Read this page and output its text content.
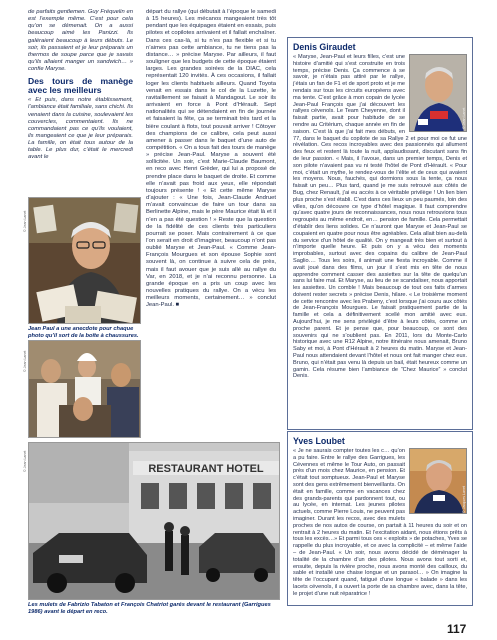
de parfaits gentlemen. Guy Fréquelin en est l’exemple même. C’est pour cela qu’on se démenait. On a aussi beaucoup aimé les Panizzi. Ils galéraient beaucoup à leurs débuts. Le soir, ils passaient et je leur préparais un thermos de soupe parce que je savais qu’ils allaient manger un sandwich… » confie Maryse.

Des tours de manège avec les meilleurs

« Et puis, dans notre établissement, l’ambiance était familiale, sans chichi. Ils venaient dans la cuisine, soulevaient les couvercles, commentaient. Ils ne commandaient pas ce qu’ils voulaient, ils mangeaient ce que je leur préparais. La famille, on était tous autour de la table. Le plus dur, c’était le mercredi avant le

départ du rallye (qui débutait à l’époque le samedi à 15 heures). Les mécanos mangeaient très tôt pendant que les équipages étaient en essais, puis pilotes et copilotes arrivaient et il fallait enchaîner. Dans ces cas-là, si tu n’es pas flexible et si tu n’aimes pas cette ambiance, tu ne tiens pas la distance… » précise Maryse. Par ailleurs, il faut souligner que les budgets de cette époque étaient larges. Les grandes soirées de la DIAC, cela représentait 120 invités. À ces occasions, il fallait loger les clients habituels ailleurs. Quand Toyota venait en essais dans le col de la Luzette, le ravitaillement se faisait à Mandagout. Le soir ils arrivaient en force à Pont d’Hérault. Sept nationalités qui se détendaient en fin de journée et faisaient la fête, ça se terminait très tard et la bière coulant à flots, tout pouvait arriver ! Côtoyer des champions de ce calibre, cela peut aussi amener à passer dans le baquet d’une auto de compétition. « On a tous fait des tours de manège » précise Jean-Paul. Maryse a souvent été sollicitée. Un soir, c’est Marie-Claude Baumont, en reco avec Henri Grèder, qui lui a proposé de prendre place dans le baquet de droite. Et comme elle n’avait pas froid aux yeux, elle répondait toujours présente ! « Et cette même Maryse d’ajouter : « Une fois, Jean-Claude Andruet m’avait convaincue de faire un tour dans sa Berlinette Alpine, mais le père Maurice était là et il n’en a pas été question ! » Reste que la question de la fidélité de ces clients très particuliers pourrait se poser. Mais contrairement à ce que l’on serait en droit d’imaginer, beaucoup n’ont pas oublié Maryse et Jean-Paul. « Comme Jean-François Mourgues et son épouse Sophie sont souvent là, on continue à suivre cela de près, mais il faut avouer que je suis allé au rallye du Var, en 2018, et je n’ai reconnu personne. La grande époque en a pris un coup avec les nouvelles pratiques du rallye. On a vécu les meilleurs moments, certainement… » conclut Jean-Paul. ■

© Jean Lanet
Jean Paul a une anecdote pour chaque photo qu’il sort de la boîte à chaussures.
© Jean Lanet
RESTAURANT HOTEL
© Jean Lanet
Les mulets de Fabrizio Tabaton et François Chatriot garés devant le restaurant (Garrigues 1986) avant le départ en reco.
Denis Giraudet
© Jean Lanet
« Maryse, Jean-Paul et leurs filles, c’est une histoire d’amitié qui s’est construite en trois temps, précise Denis. Ça commence à se savoir, je n’étais pas attiré par le rallye, j’étais un fan de F1 et de sport proto et je me rendais sur tous les circuits européens avec ma tente. C’est grâce à mon copain de lycée Jean-Paul François que j’ai découvert les rallyes cévenols. Le Team Cheyenne, dont il faisait partie, avait pour habitude de se rendre au Critérium, chaque année en fin de saison. C’est là que j’ai fait mes débuts, en 77, dans le baquet du copilote de sa Rallye 2 et pour moi ce fut une révélation. Ces recos incroyables avec des passionnés qui allument des feux et restent là toute la nuit, applaudissant, discutant sans fin de leur passion. « Mais, il l’avoue, dans un premier temps, Denis et son pilote n’avaient pas vu ni testé l’hôtel de Pont d’Hérault. « Pour moi, c’était un mythe, le rendez-vous de l’élite et de ceux qui avaient les moyens. Nous, fauchés, qui dormions sous la tente, ça nous faisait un peu… Plus tard, quand je me suis retrouvé aux côtés de Bug, chez Renault, j’ai eu accès à ce véritable privilège ! Un lien bien plus proche s’est établi. C’est dans ces lieux un peu paumés, loin des villes, qu’on découvre ce type d’hôtel magique. Il faut comprendre qu’avec quatre jours de reconnaissances, nous nous retrouvions tous regroupés au même endroit, en… pension de famille. Cela permettait d’établir des liens solides. Ce n’auront que Maryse et Jean-Paul se coupaient en quatre pour nous être agréables. Cela allait bien au-delà du service d’un hôtel de qualité. On y mangeait très bien et surtout à n’importe quelle heure. Et puis on y a vécu des moments improbables, surtout avec des copains du calibre de Jean-Paul Saglio…. Tous les soirs, il animait une fiesta incroyable. Comme il avait joué dans des films, un jour il s’est mis en tête de nous apprendre comment casser des assiettes sur la tête de quelqu’un sans lui faire mal. Et Maryse, au lieu de se scandaliser, nous apportait les assiettes. Un comble ! Mais beaucoup de tout ces faits d’armes doivent rester secrets » précise Denis, hilare. « Le troisième moment de cette rencontre avec les Prabeny, c’est lorsque j’ai couru aux côtés de Jean-François Mourgues. Le faisait pratiquement partie de la famille et cela a définitivement scellé mon amitié avec eux. Aujourd’hui, je me sens privilégié d’être à leurs côtés, comme un proche parent. Et je pense que, pour beaucoup, ce sont des souvenirs qui ne s’oublient pas. En 2011, lors du Monte-Carlo historique avec une R12 Alpine, notre itinéraire nous amenait, Bruno Saby et moi, à Pont d’Hérault à 2 heures du matin. Maryse et Jean-Paul nous attendaient devant l’hôtel et nous ont fait manger chez eux. Bruno, qui n’était pas venu là depuis un bail, était heureux comme un gamin. Cela résume bien l’ambiance de “Chez Maurice” » conclut Denis.
Yves Loubet
© Jacques Lanet
« Je ne saurais compter toutes les c… qu’on a pu faire. Entre le rallye des Garrigues, les Cévennes et même le Tour Auto, on passait près d’un mois chez Maurice, en pension. Et c’était tout somptueux. Jean-Paul et Maryse sont des gens extrêmement bienveillants. On était en famille, comme en vacances chez des grands-parents qui pardonnent tout, ou au lycée, en internat. Les jeunes pilotes actuels, comme Pierre Louis, ne peuvent pas imaginer. Durant les recos, avec des mulets proches de nos autos de course, on partait à 11 heures du soir et on rentrait à 2 heures du matin. Et l’excitation aidant, nous étions prêts à tous les excès…» Et parmi tous ces « exploits » de potaches, Yves se rappelle du plus incroyable, et ce avec la complicité – et même l’aide – de Jean-Paul. « Un soir, nous avons décidé de déménager la totalité de la chambre d’un des pilotes. Nous avons tout sorti et, ensuite, depuis la rivière proche, nous avons monté des cailloux, du sable et installé une chaise longue et un parasol… » On imagine la tête de l’occupant quand, fatigué d’une longue « balade » dans les lacets cévenols, il a ouvert la porte de sa chambre avec, dans la tête, le projet d’une nuit réparatrice !
117
